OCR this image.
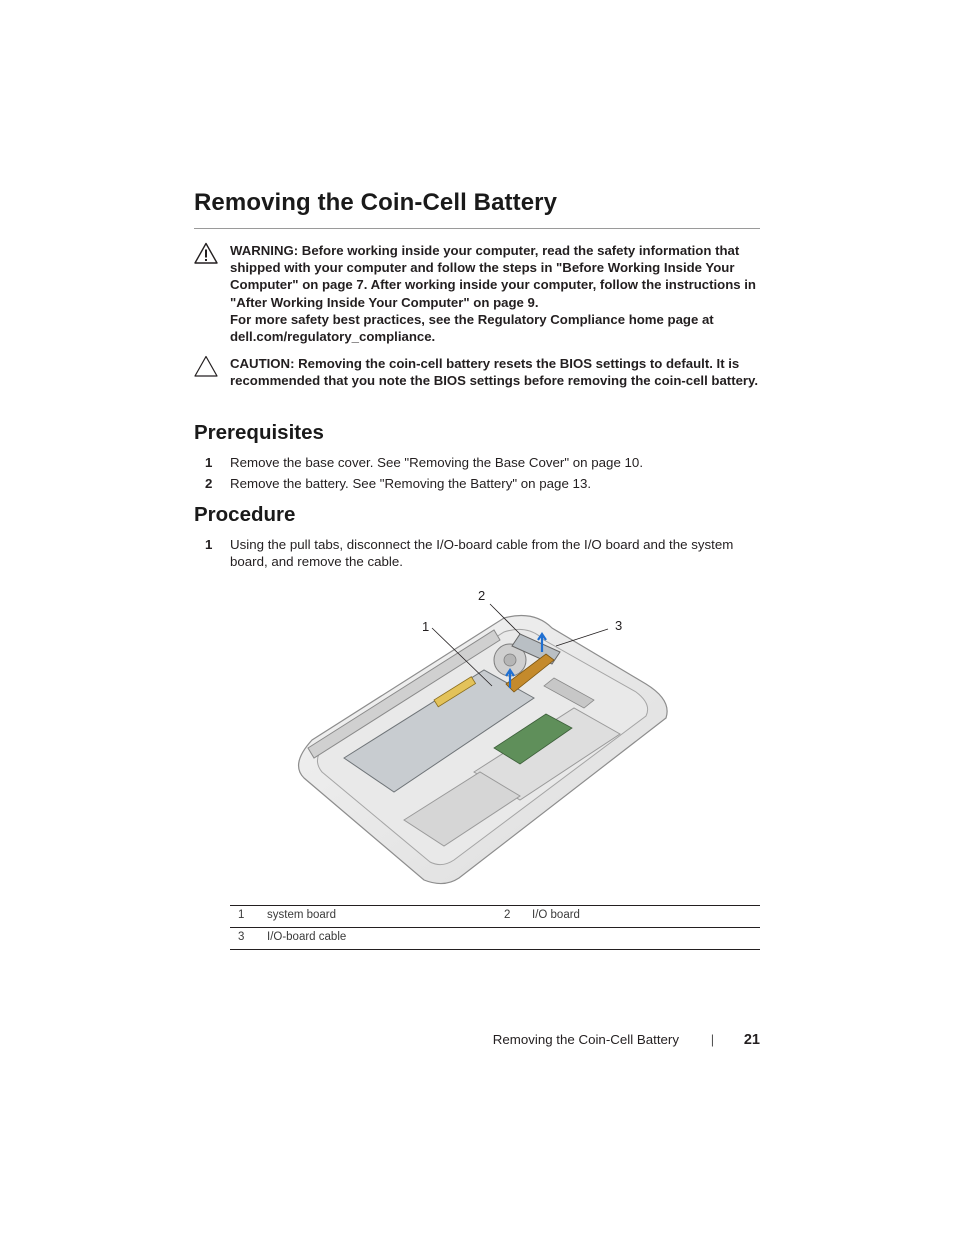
Removing the Coin-Cell Battery

WARNING: Before working inside your computer, read the safety information that shipped with your computer and follow the steps in "Before Working Inside Your Computer" on page 7. After working inside your computer, follow the instructions in "After Working Inside Your Computer" on page 9.

For more safety best practices, see the Regulatory Compliance home page at dell.com/regulatory_compliance.

CAUTION: Removing the coin-cell battery resets the BIOS settings to default. It is recommended that you note the BIOS settings before removing the coin-cell battery.

Prerequisites
1 Remove the base cover. See "Removing the Base Cover" on page 10.
2 Remove the battery. See "Removing the Battery" on page 13.
Procedure
1 Using the pull tabs, disconnect the I/O-board cable from the I/O board and the system board, and remove the cable.
1
2
3
1 system board	2 I/O board
3 I/O-board cable
Removing the Coin-Cell Battery | 21
